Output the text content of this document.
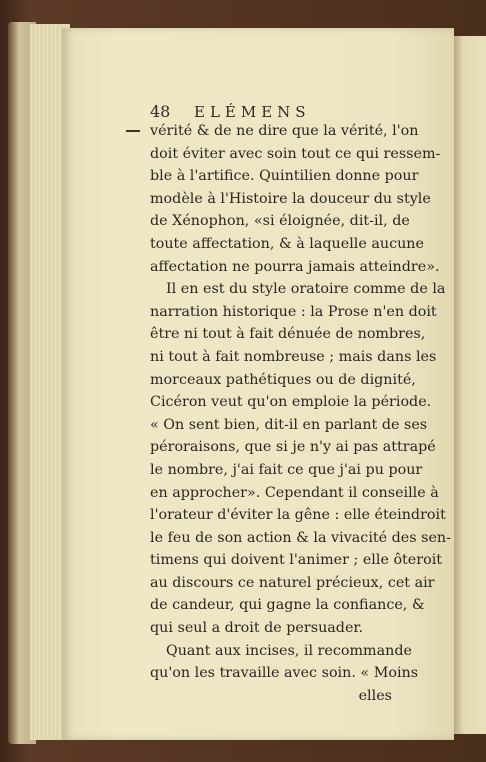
48 ELÉMENS
vérité & de ne dire que la vérité, l'on
doit éviter avec soin tout ce qui ressem-
ble à l'artifice. Quintilien donne pour
modèle à l'Histoire la douceur du style
de Xénophon, «si éloignée, dit-il, de
toute affectation, & à laquelle aucune
affectation ne pourra jamais atteindre».
Il en est du style oratoire comme de la
narration historique : la Prose n'en doit
être ni tout à fait dénuée de nombres,
ni tout à fait nombreuse ; mais dans les
morceaux pathétiques ou de dignité,
Cicéron veut qu'on emploie la période.
« On sent bien, dit-il en parlant de ses
péroraisons, que si je n'y ai pas attrapé
le nombre, j'ai fait ce que j'ai pu pour
en approcher». Cependant il conseille à
l'orateur d'éviter la gêne : elle éteindroit
le feu de son action & la vivacité des sen-
timens qui doivent l'animer ; elle ôteroit
au discours ce naturel précieux, cet air
de candeur, qui gagne la confiance, &
qui seul a droit de persuader.
Quant aux incises, il recommande
qu'on les travaille avec soin. « Moins
elles
